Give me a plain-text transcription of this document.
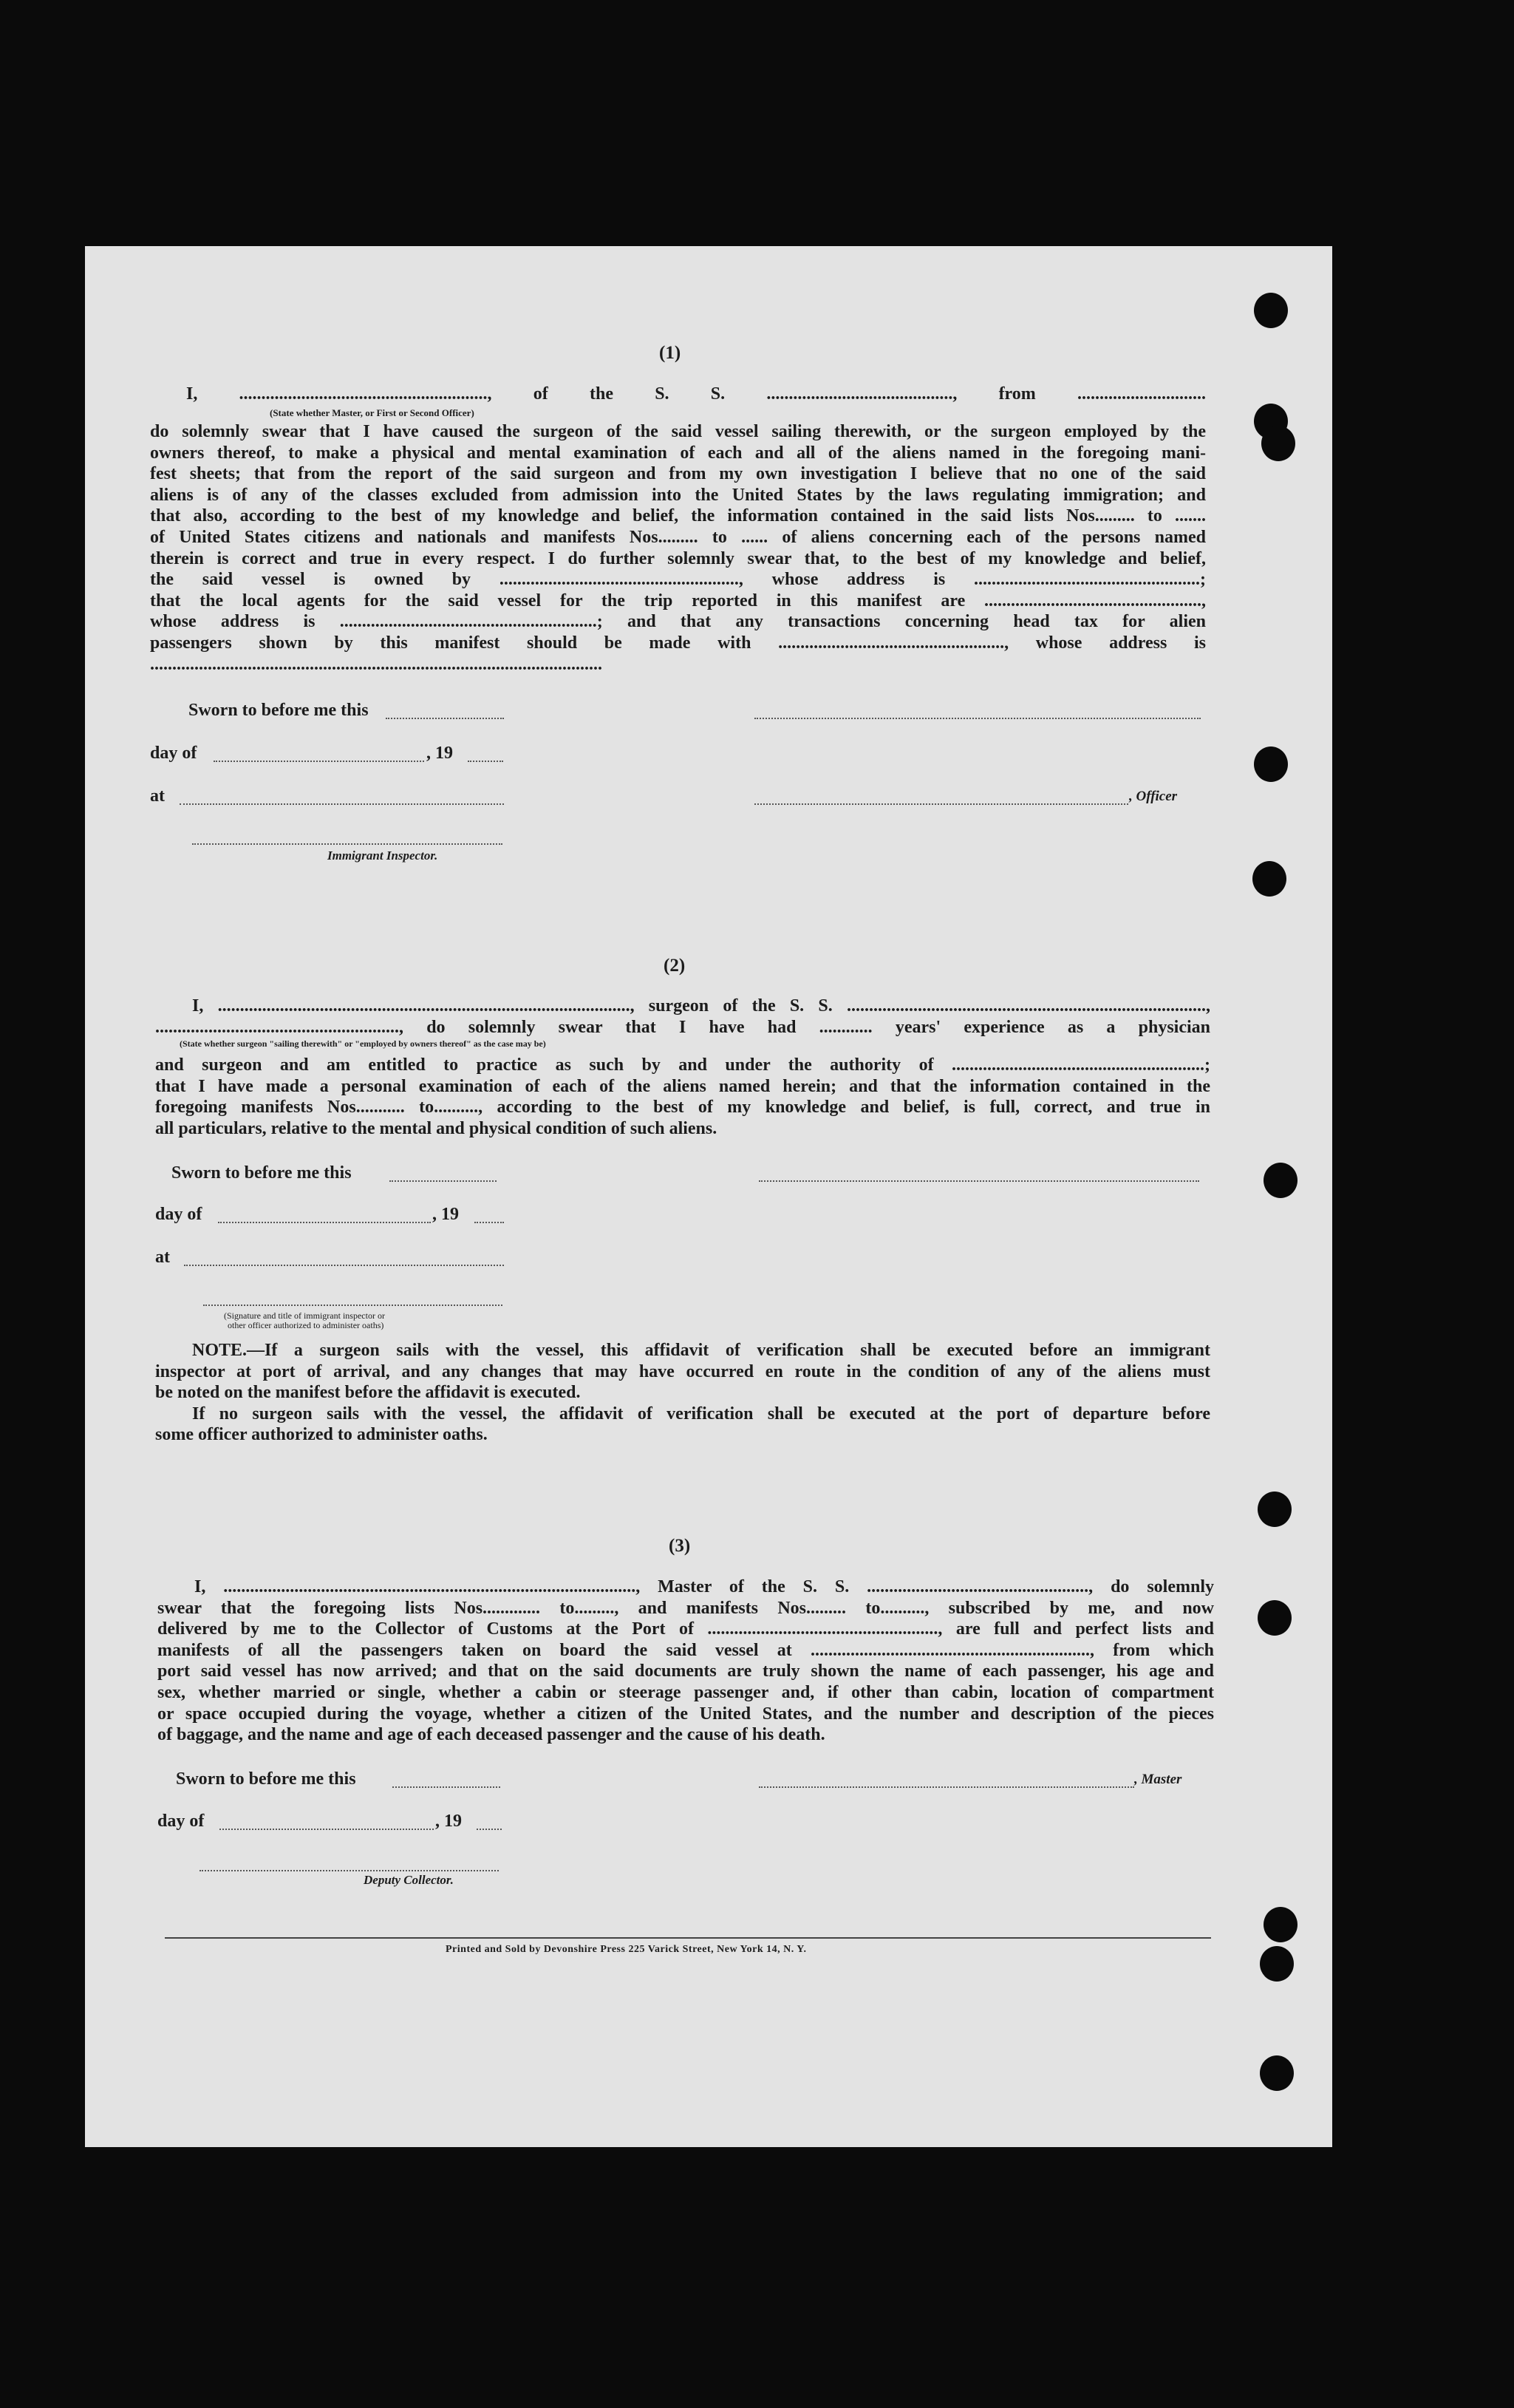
(1)
I, ........................................................, of the S. S. .........................................., from .............................
(State whether Master, or First or Second Officer)
do solemnly swear that I have caused the surgeon of the said vessel sailing therewith, or the surgeon employed by the
owners thereof, to make a physical and mental examination of each and all of the aliens named in the foregoing mani-
fest sheets; that from the report of the said surgeon and from my own investigation I believe that no one of the said
aliens is of any of the classes excluded from admission into the United States by the laws regulating immigration; and
that also, according to the best of my knowledge and belief, the information contained in the said lists Nos......... to .......
of United States citizens and nationals and manifests Nos......... to ...... of aliens concerning each of the persons named
therein is correct and true in every respect. I do further solemnly swear that, to the best of my knowledge and belief,
the said vessel is owned by ......................................................, whose address is ...................................................;
that the local agents for the said vessel for the trip reported in this manifest are .................................................,
whose address is ..........................................................; and that any transactions concerning head tax for alien
passengers shown by this manifest should be made with ..................................................., whose address is
......................................................................................................
Sworn to before me this
day of	, 19
at	, Officer
Immigrant Inspector.
(2)
I, ............................................................................................., surgeon of the S. S. .................................................................................,
......................................................., do solemnly swear that I have had ............ years' experience as a physician
(State whether surgeon "sailing therewith" or "employed by owners thereof" as the case may be)
and surgeon and am entitled to practice as such by and under the authority of .........................................................;
that I have made a personal examination of each of the aliens named herein; and that the information contained in the
foregoing manifests Nos........... to.........., according to the best of my knowledge and belief, is full, correct, and true in
all particulars, relative to the mental and physical condition of such aliens.
Sworn to before me this
day of	, 19
at
(Signature and title of immigrant inspector or
other officer authorized to administer oaths)
NOTE.—If a surgeon sails with the vessel, this affidavit of verification shall be executed before an immigrant
inspector at port of arrival, and any changes that may have occurred en route in the condition of any of the aliens must
be noted on the manifest before the affidavit is executed.
If no surgeon sails with the vessel, the affidavit of verification shall be executed at the port of departure before
some officer authorized to administer oaths.
(3)
I, ............................................................................................., Master of the S. S. .................................................., do solemnly
swear that the foregoing lists Nos............. to........., and manifests Nos......... to.........., subscribed by me, and now
delivered by me to the Collector of Customs at the Port of ...................................................., are full and perfect lists and
manifests of all the passengers taken on board the said vessel at ..............................................................., from which
port said vessel has now arrived; and that on the said documents are truly shown the name of each passenger, his age and
sex, whether married or single, whether a cabin or steerage passenger and, if other than cabin, location of compartment
or space occupied during the voyage, whether a citizen of the United States, and the number and description of the pieces
of baggage, and the name and age of each deceased passenger and the cause of his death.
Sworn to before me this	, Master
day of	, 19
Deputy Collector.
Printed and Sold by Devonshire Press 225 Varick Street, New York 14, N. Y.
